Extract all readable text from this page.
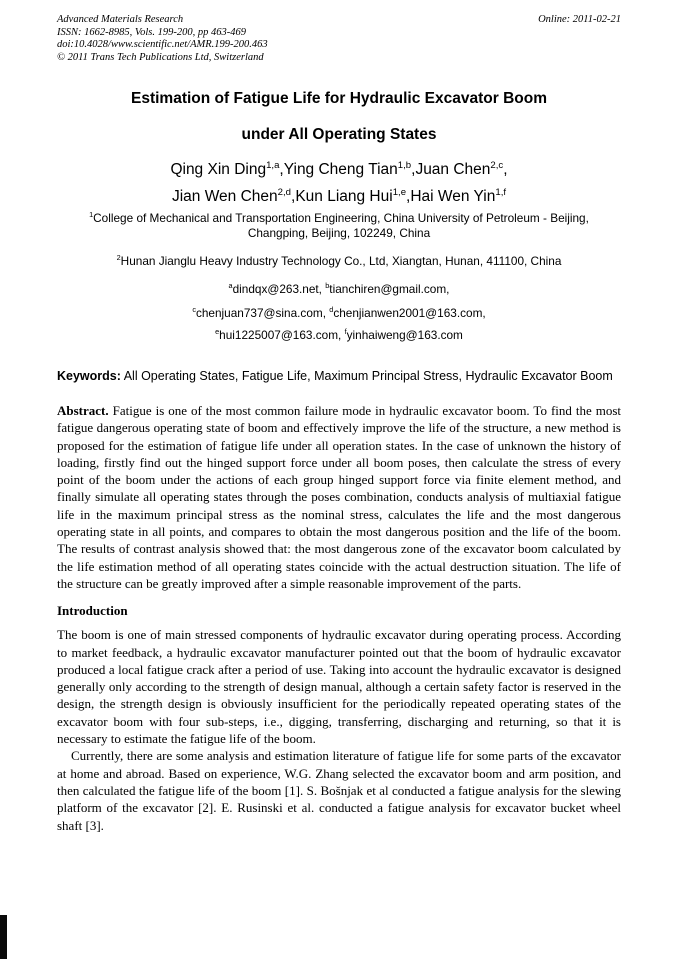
Advanced Materials Research
ISSN: 1662-8985, Vols. 199-200, pp 463-469
doi:10.4028/www.scientific.net/AMR.199-200.463
© 2011 Trans Tech Publications Ltd, Switzerland
Online: 2011-02-21
Estimation of Fatigue Life for Hydraulic Excavator Boom
under All Operating States
Qing Xin Ding$^{1,a}$,Ying Cheng Tian$^{1,b}$,Juan Chen$^{2,c}$,
Jian Wen Chen$^{2,d}$,Kun Liang Hui$^{1,e}$,Hai Wen Yin$^{1,f}$
$^1$College of Mechanical and Transportation Engineering, China University of Petroleum - Beijing,
Changping, Beijing, 102249, China
$^2$Hunan Jianglu Heavy Industry Technology Co., Ltd, Xiangtan, Hunan, 411100, China
$^a$dindqx@263.net, $^b$tianchiren@gmail.com,
$^c$chenjuan737@sina.com, $^d$chenjianwen2001@163.com,
$^e$hui1225007@163.com, $^f$yinhaiweng@163.com

Keywords: All Operating States, Fatigue Life, Maximum Principal Stress, Hydraulic Excavator Boom

Abstract. Fatigue is one of the most common failure mode in hydraulic excavator boom. To find the most fatigue dangerous operating state of boom and effectively improve the life of the structure, a new method is proposed for the estimation of fatigue life under all operation states. In the case of unknown the history of loading, firstly find out the hinged support force under all boom poses, then calculate the stress of every point of the boom under the actions of each group hinged support force via finite element method, and finally simulate all operating states through the poses combination, conducts analysis of multiaxial fatigue life in the maximum principal stress as the nominal stress, calculates the life and the most dangerous operating state in all points, and compares to obtain the most dangerous position and the life of the boom. The results of contrast analysis showed that: the most dangerous zone of the excavator boom calculated by the life estimation method of all operating states coincide with the actual destruction situation. The life of the structure can be greatly improved after a simple reasonable improvement of the parts.

Introduction

The boom is one of main stressed components of hydraulic excavator during operating process. According to market feedback, a hydraulic excavator manufacturer pointed out that the boom of hydraulic excavator produced a local fatigue crack after a period of use. Taking into account the hydraulic excavator is designed generally only according to the strength of design manual, although a certain safety factor is reserved in the design, the strength design is obviously insufficient for the periodically repeated operating states of the excavator boom with four sub-steps, i.e., digging, transferring, discharging and returning, so that it is necessary to estimate the fatigue life of the boom.

Currently, there are some analysis and estimation literature of fatigue life for some parts of the excavator at home and abroad. Based on experience, W.G. Zhang selected the excavator boom and arm position, and then calculated the fatigue life of the boom [1]. S. Bošnjak et al conducted a fatigue analysis for the slewing platform of the excavator [2]. E. Rusinski et al. conducted a fatigue analysis for excavator bucket wheel shaft [3].
